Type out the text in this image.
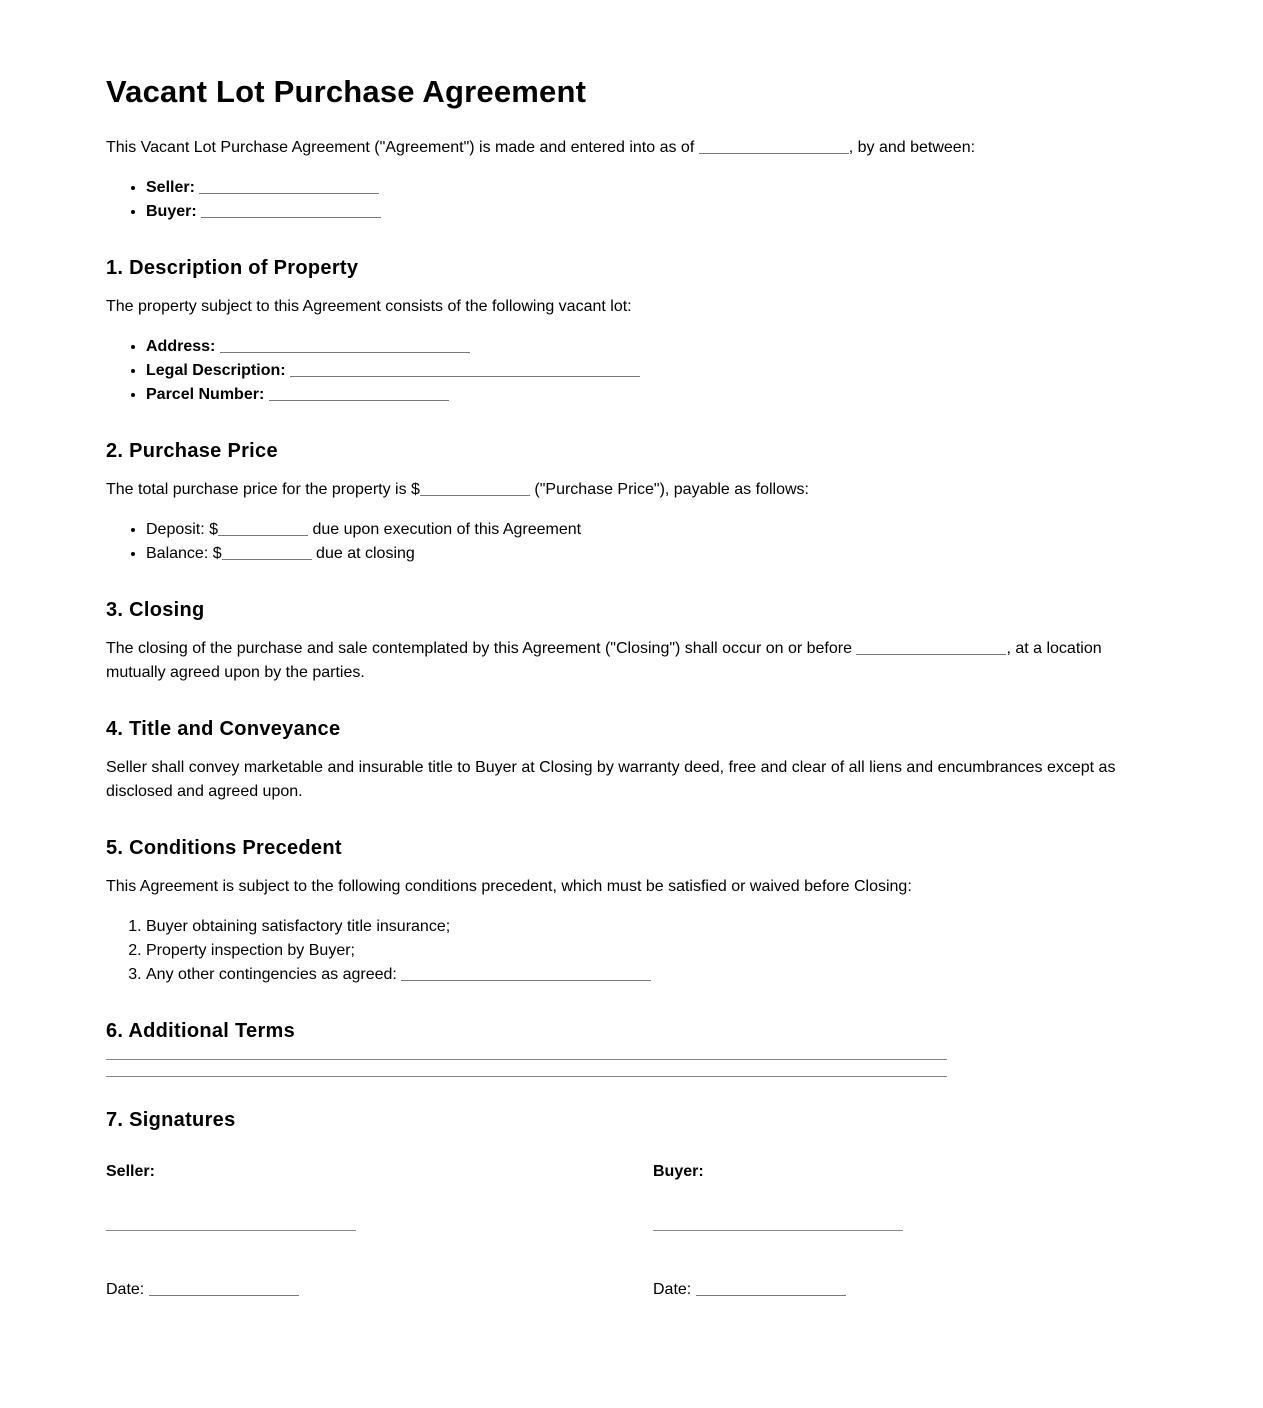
Vacant Lot Purchase Agreement
This Vacant Lot Purchase Agreement ("Agreement") is made and entered into as of	, by and between:
• Seller:
• Buyer:
1. Description of Property
The property subject to this Agreement consists of the following vacant lot:
• Address:
• Legal Description:
• Parcel Number:
2. Purchase Price
The total purchase price for the property is $	("Purchase Price"), payable as follows:
• Deposit: $	due upon execution of this Agreement
• Balance: $	due at closing
3. Closing
The closing of the purchase and sale contemplated by this Agreement ("Closing") shall occur on or before	, at a location mutually agreed upon by the parties.
4. Title and Conveyance
Seller shall convey marketable and insurable title to Buyer at Closing by warranty deed, free and clear of all liens and encumbrances except as disclosed and agreed upon.
5. Conditions Precedent
This Agreement is subject to the following conditions precedent, which must be satisfied or waived before Closing:
1. Buyer obtaining satisfactory title insurance;
2. Property inspection by Buyer;
3. Any other contingencies as agreed:
6. Additional Terms
7. Signatures
Seller:	Buyer:
Date:	Date:
